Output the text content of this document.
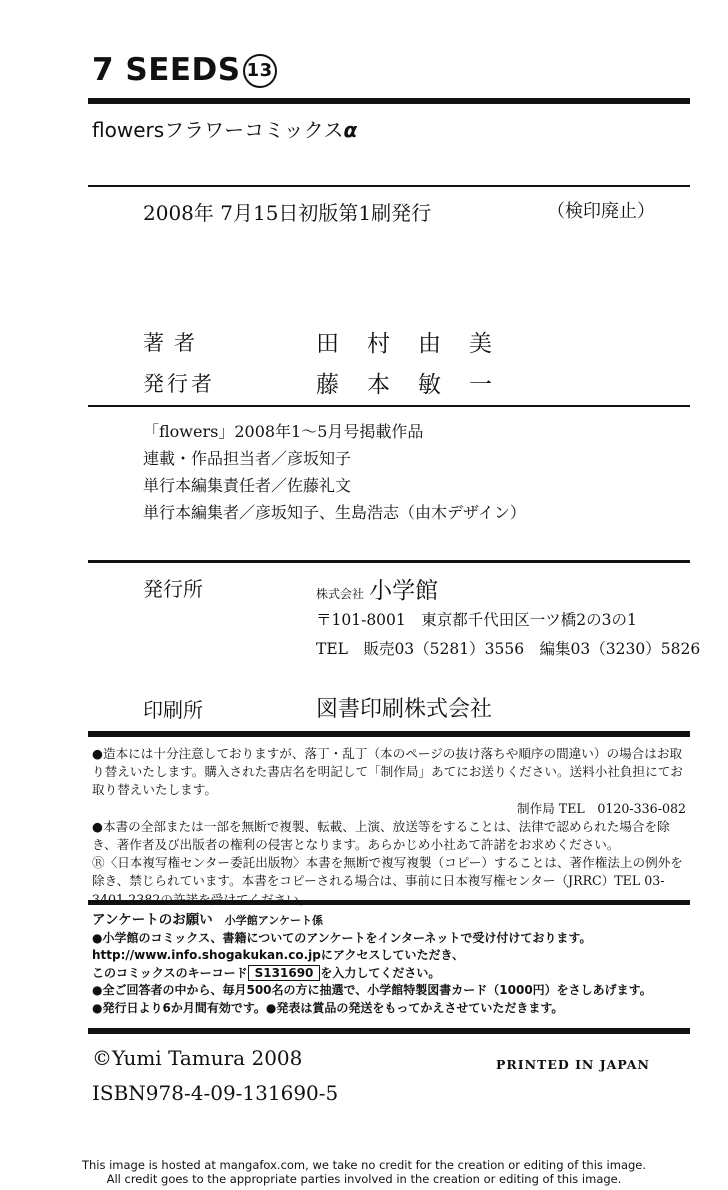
7 SEEDS 13
flowersフラワーコミックスα
2008年 7月15日初版第1刷発行	（検印廃止）
著者	田村由美
発行者	藤本敏一
「flowers」2008年1～5月号掲載作品
連載・作品担当者／彦坂知子
単行本編集責任者／佐藤礼文
単行本編集者／彦坂知子、生島浩志（由木デザイン）
発行所	株式会社 小学館
〒101-8001　東京都千代田区一ツ橋2の3の1
TEL　販売03（5281）3556　編集03（3230）5826
印刷所	図書印刷株式会社

●造本には十分注意しておりますが、落丁・乱丁（本のページの抜け落ちや順序の間違い）の場合はお取り替えいたします。購入された書店名を明記して「制作局」あてにお送りください。送料小社負担にてお取り替えいたします。

制作局 TEL　0120-336-082

●本書の全部または一部を無断で複製、転載、上演、放送等をすることは、法律で認められた場合を除き、著作者及び出版者の権利の侵害となります。あらかじめ小社あて許諾をお求めください。

Ⓡ〈日本複写権センター委託出版物〉本書を無断で複写複製（コピー）することは、著作権法上の例外を除き、禁じられています。本書をコピーされる場合は、事前に日本複写権センター（JRRC）TEL 03-

アンケートのお願い　 小学館アンケート係

●小学館のコミックス、書籍についてのアンケートをインターネットで受け付けております。

http://www.info.shogakukan.co.jpにアクセスしていただき、

このコミックスのキーコード S131690 を入力してください。

●全ご回答者の中から、毎月500名の方に抽選で、小学館特製図書カード（1000円）をさしあげます。

●発行日より6か月間有効です。●発表は賞品の発送をもってかえさせていただきます。

©Yumi Tamura 2008	PRINTED IN JAPAN
ISBN978-4-09-131690-5
This image is hosted at mangafox.com, we take no credit for the creation or editing of this image.
All credit goes to the appropriate parties involved in the creation or editing of this image.
